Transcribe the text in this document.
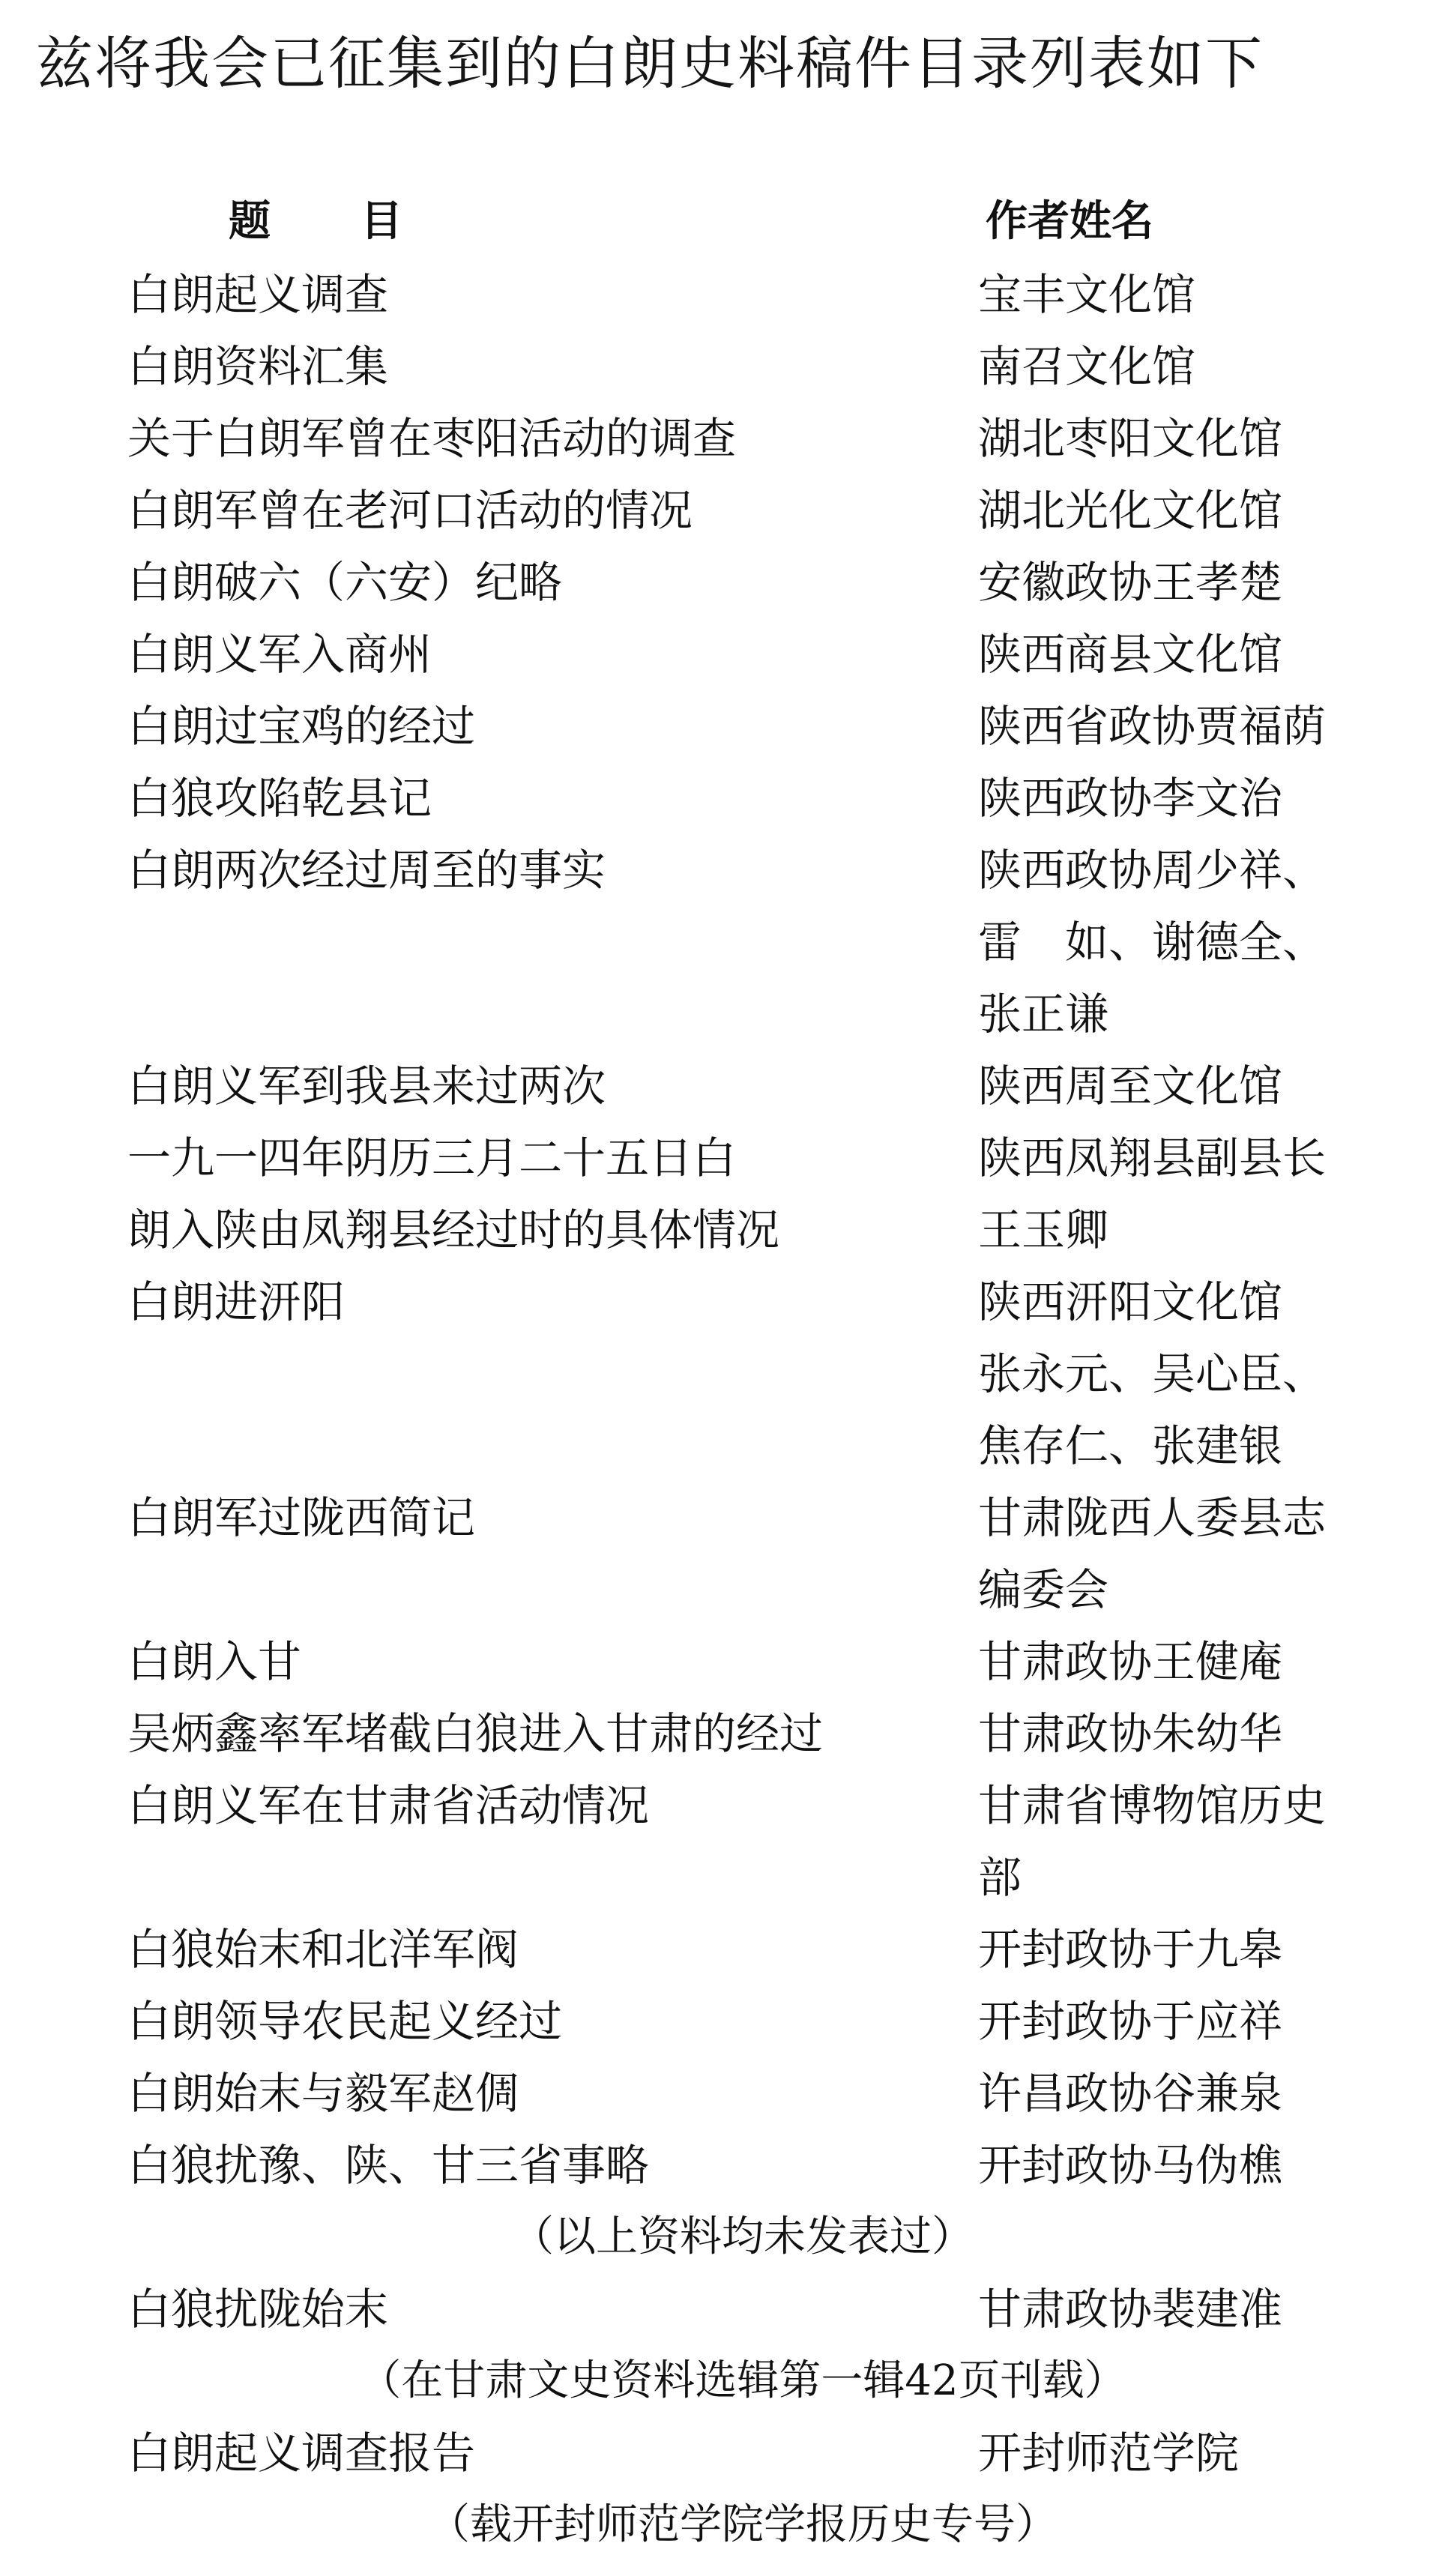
兹将我会已征集到的白朗史料稿件目录列表如下
题目	作者姓名
白朗起义调查	宝丰文化馆
白朗资料汇集	南召文化馆
关于白朗军曾在枣阳活动的调查	湖北枣阳文化馆
白朗军曾在老河口活动的情况	湖北光化文化馆
白朗破六（六安）纪略	安徽政协王孝楚
白朗义军入商州	陕西商县文化馆
白朗过宝鸡的经过	陕西省政协贾福荫
白狼攻陷乾县记	陕西政协李文治
白朗两次经过周至的事实	陕西政协周少祥、
雷　如、谢德全、
张正谦
白朗义军到我县来过两次	陕西周至文化馆
一九一四年阴历三月二十五日白	陕西凤翔县副县长
朗入陕由凤翔县经过时的具体情况	王玉卿
白朗进汧阳	陕西汧阳文化馆
张永元、吴心臣、
焦存仁、张建银
白朗军过陇西简记	甘肃陇西人委县志
编委会
白朗入甘	甘肃政协王健庵
吴炳鑫率军堵截白狼进入甘肃的经过	甘肃政协朱幼华
白朗义军在甘肃省活动情况	甘肃省博物馆历史
部
白狼始末和北洋军阀	开封政协于九皋
白朗领导农民起义经过	开封政协于应祥
白朗始末与毅军赵倜	许昌政协谷兼泉
白狼扰豫、陕、甘三省事略	开封政协马伪樵
（以上资料均未发表过）
白狼扰陇始末	甘肃政协裴建准
（在甘肃文史资料选辑第一辑42页刊载）
白朗起义调查报告	开封师范学院
（载开封师范学院学报历史专号）
